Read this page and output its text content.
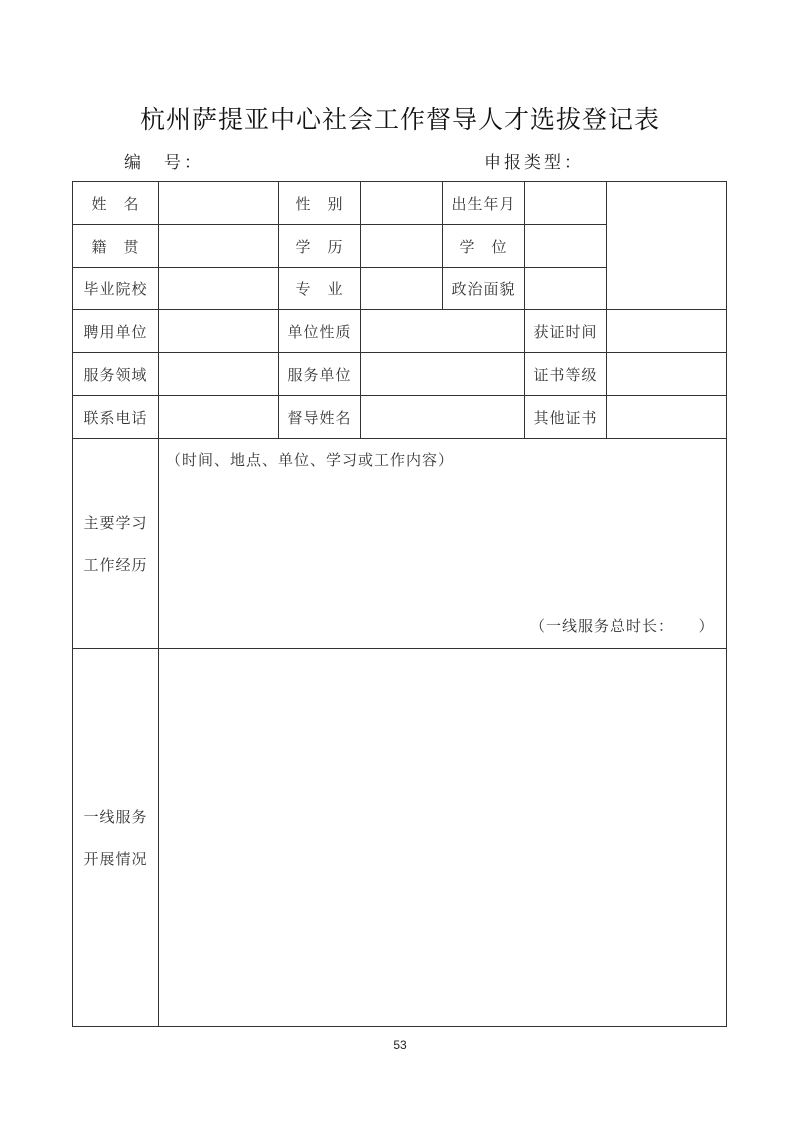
杭州萨提亚中心社会工作督导人才选拔登记表
编　号：	申报类型：
姓　名	性　别	出生年月
籍　贯	学　历	学　位
毕业院校	专　业	政治面貌
聘用单位	单位性质	获证时间
服务领域	服务单位	证书等级
联系电话	督导姓名	其他证书
主要学习
工作经历
（时间、地点、单位、学习或工作内容）
（一线服务总时长：　　）
一线服务
开展情况
53
